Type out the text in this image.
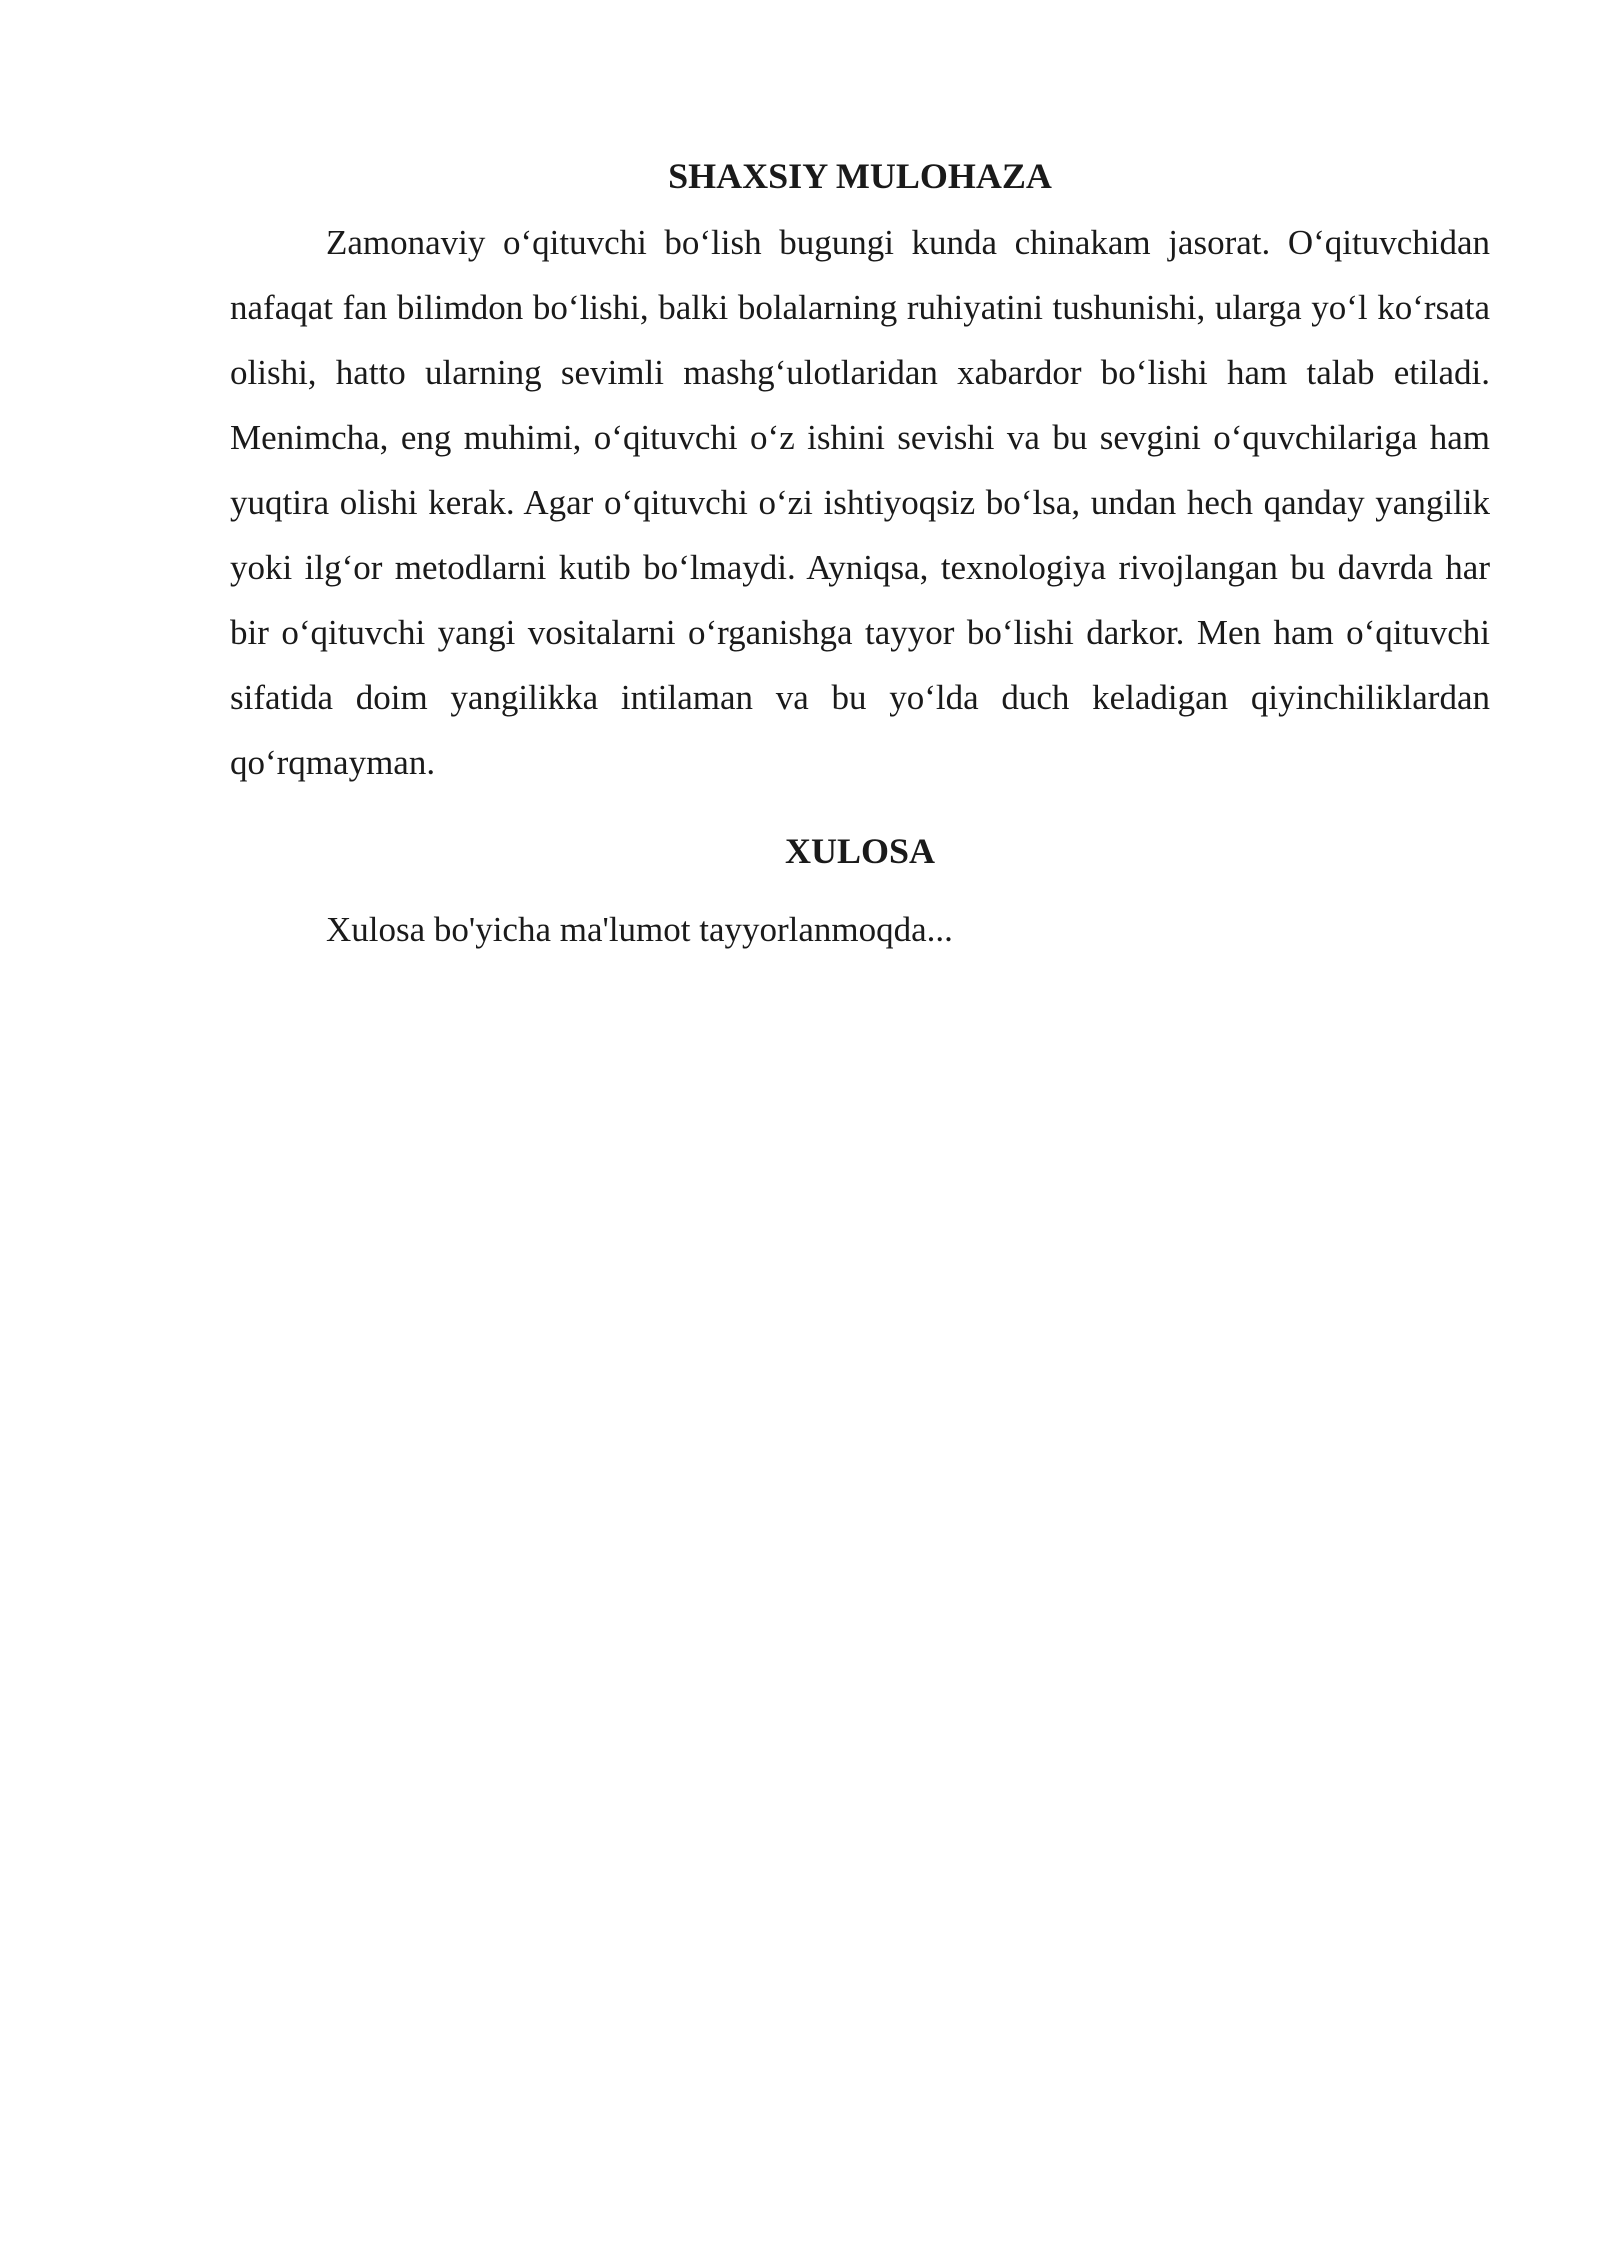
SHAXSIY MULOHAZA

Zamonaviy o‘qituvchi bo‘lish bugungi kunda chinakam jasorat. O‘qituvchidan nafaqat fan bilimdon bo‘lishi, balki bolalarning ruhiyatini tushunishi, ularga yo‘l ko‘rsata olishi, hatto ularning sevimli mashg‘ulotlaridan xabardor bo‘lishi ham talab etiladi. Menimcha, eng muhimi, o‘qituvchi o‘z ishini sevishi va bu sevgini o‘quvchilariga ham yuqtira olishi kerak. Agar o‘qituvchi o‘zi ishtiyoqsiz bo‘lsa, undan hech qanday yangilik yoki ilg‘or metodlarni kutib bo‘lmaydi. Ayniqsa, texnologiya rivojlangan bu davrda har bir o‘qituvchi yangi vositalarni o‘rganishga tayyor bo‘lishi darkor. Men ham o‘qituvchi sifatida doim yangilikka intilaman va bu yo‘lda duch keladigan qiyinchiliklardan qo‘rqmayman.

XULOSA

Xulosa bo'yicha ma'lumot tayyorlanmoqda...
